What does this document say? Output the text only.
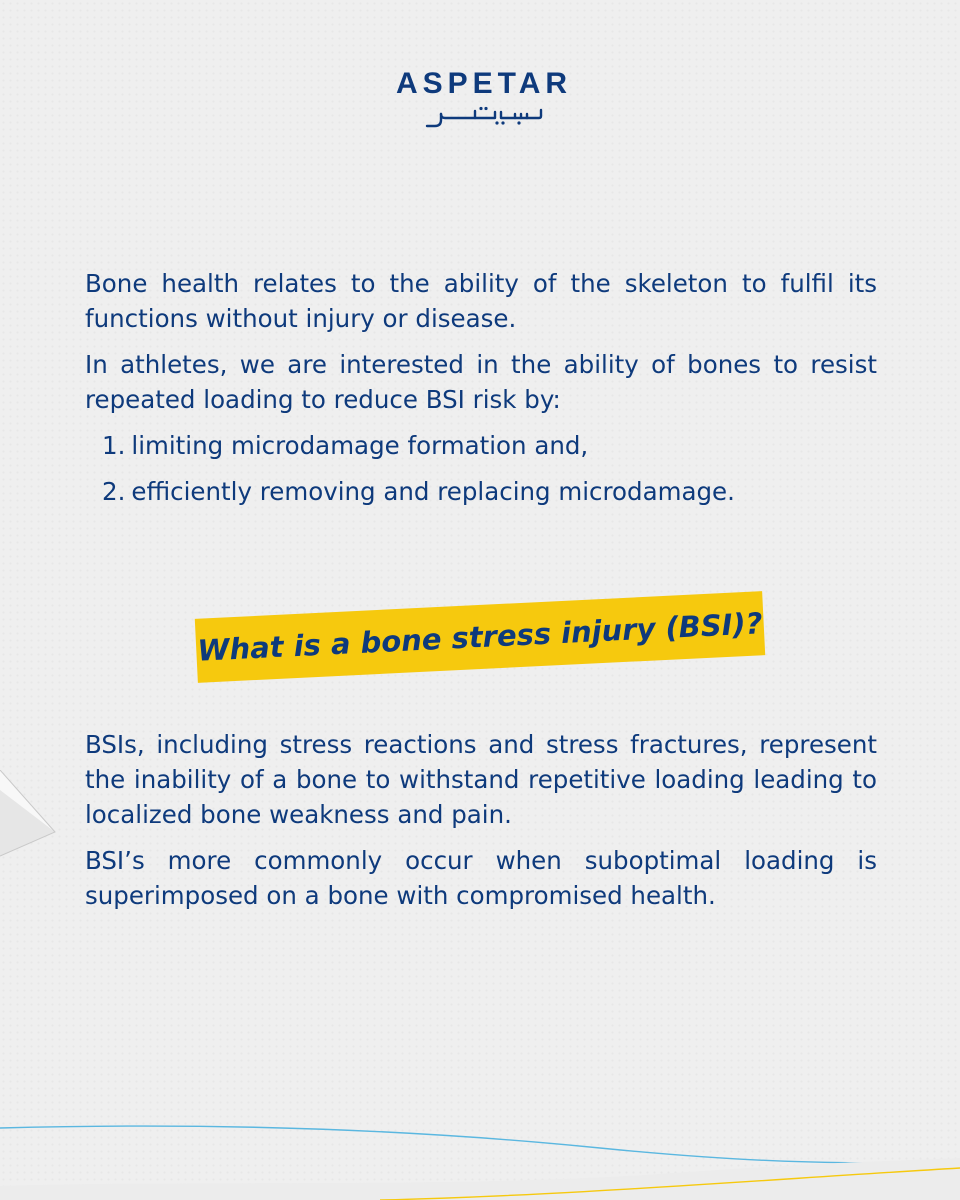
ASPETAR

Bone health relates to the ability of the skeleton to fulfil its functions without injury or disease.

In athletes, we are interested in the ability of bones to resist repeated loading to reduce BSI risk by:

1. limiting microdamage formation and,
2. efficiently removing and replacing microdamage.
What is a bone stress injury (BSI)?

BSIs, including stress reactions and stress fractures, represent the inability of a bone to withstand repetitive loading leading to localized bone weakness and pain.

BSI’s more commonly occur when suboptimal loading is superimposed on a bone with compromised health.
